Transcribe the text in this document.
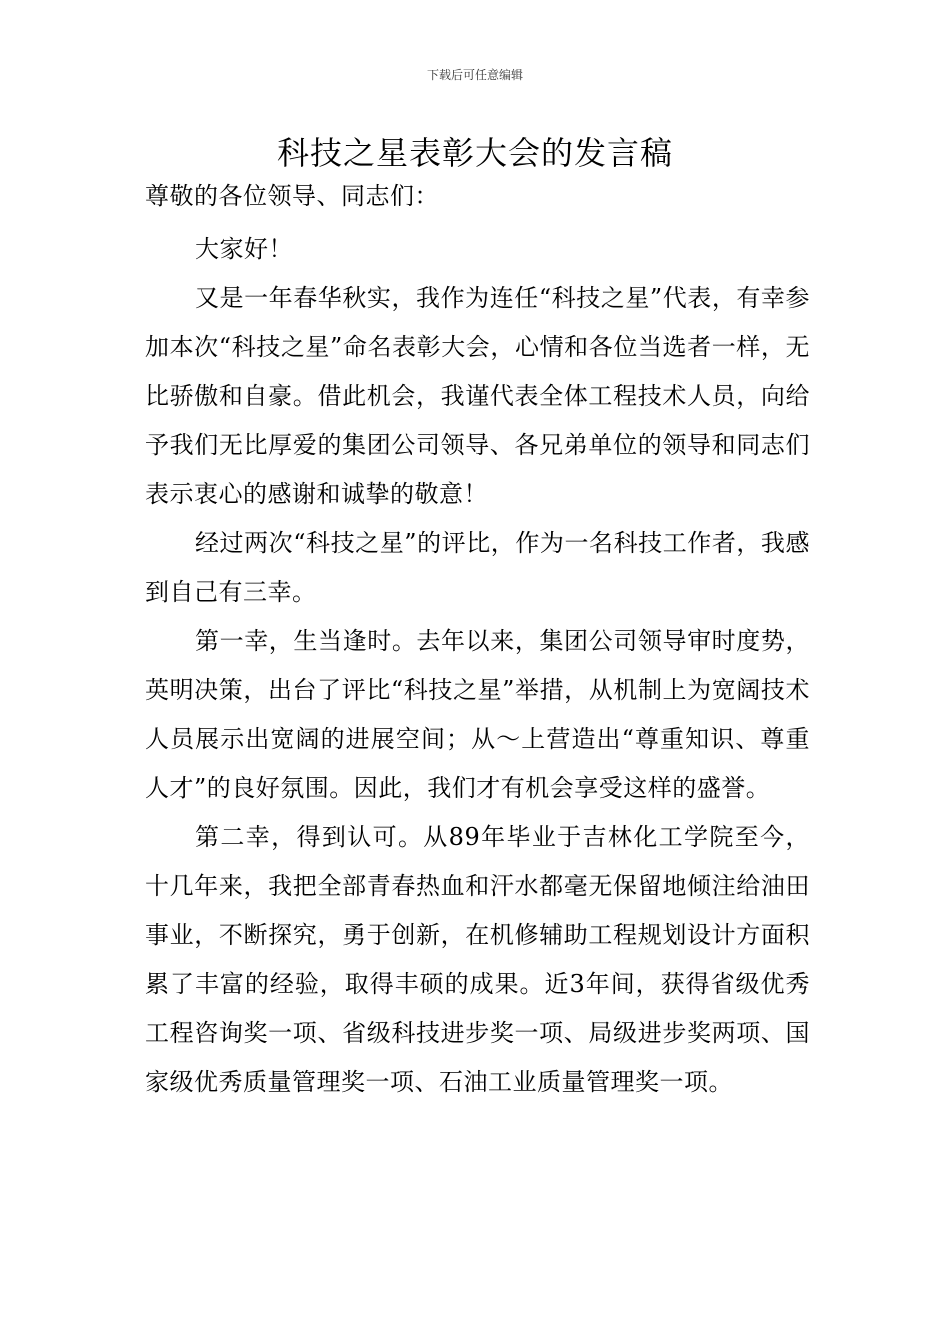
下载后可任意编辑
科技之星表彰大会的发言稿

尊敬的各位领导、同志们：

大家好！

又是一年春华秋实，我作为连任“科技之星”代表，有幸参加本次“科技之星”命名表彰大会，心情和各位当选者一样，无比骄傲和自豪。借此机会，我谨代表全体工程技术人员，向给予我们无比厚爱的集团公司领导、各兄弟单位的领导和同志们表示衷心的感谢和诚挚的敬意！

经过两次“科技之星”的评比，作为一名科技工作者，我感到自己有三幸。

第一幸，生当逢时。去年以来，集团公司领导审时度势，英明决策，出台了评比“科技之星”举措，从机制上为宽阔技术人员展示出宽阔的进展空间；从～上营造出“尊重知识、尊重人才”的良好氛围。因此，我们才有机会享受这样的盛誉。

第二幸，得到认可。从89年毕业于吉林化工学院至今，十几年来，我把全部青春热血和汗水都毫无保留地倾注给油田事业，不断探究，勇于创新，在机修辅助工程规划设计方面积累了丰富的经验，取得丰硕的成果。近3年间，获得省级优秀工程咨询奖一项、省级科技进步奖一项、局级进步奖两项、国家级优秀质量管理奖一项、石油工业质量管理奖一项。
